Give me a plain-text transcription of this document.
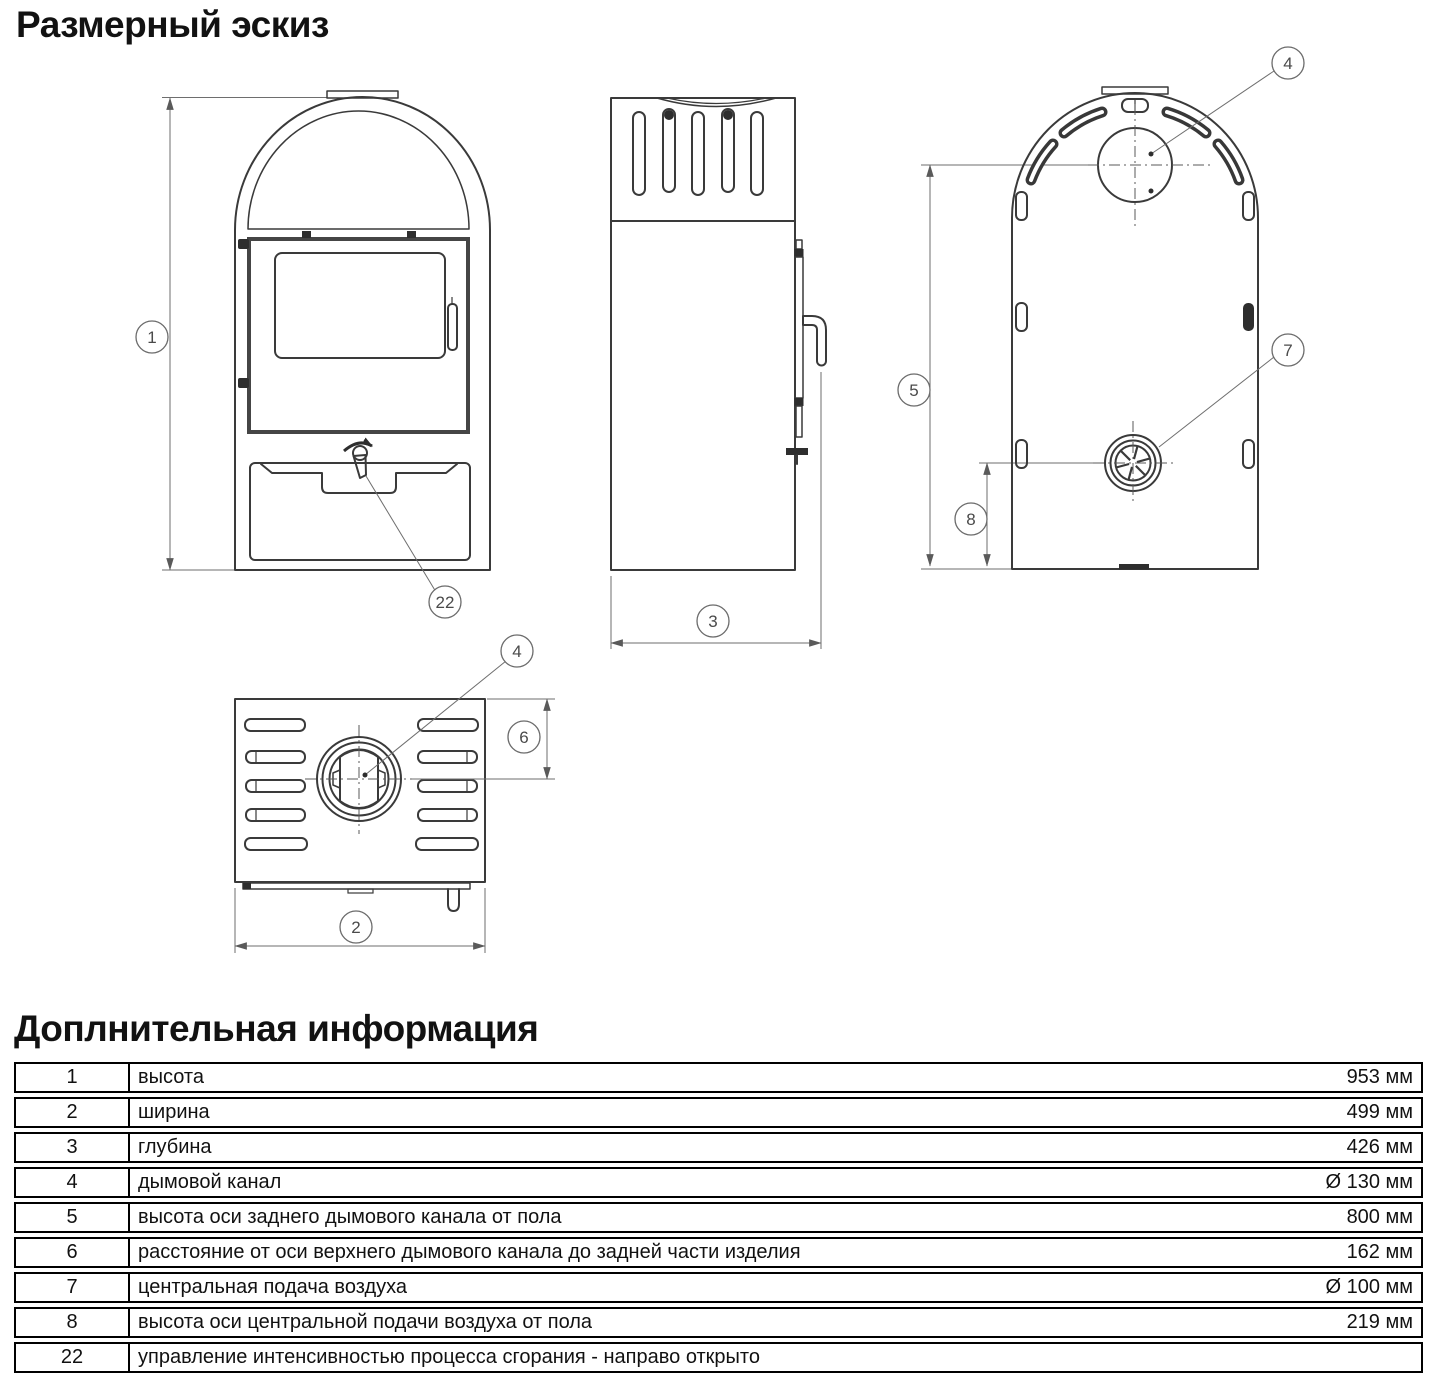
Размерный эскиз
1
22
3
4
5
7
8
4
6
2
Доплнительная информация
1	высота	953 мм
2	ширина	499 мм
3	глубина	426 мм
4	дымовой канал	Ø 130 мм
5	высота оси заднего дымового канала от пола	800 мм
6	расстояние от оси верхнего дымового канала до задней части изделия	162 мм
7	центральная подача воздуха	Ø 100 мм
8	высота оси центральной подачи воздуха от пола	219 мм
22	управление интенсивностью процесса сгорания - направо открыто
